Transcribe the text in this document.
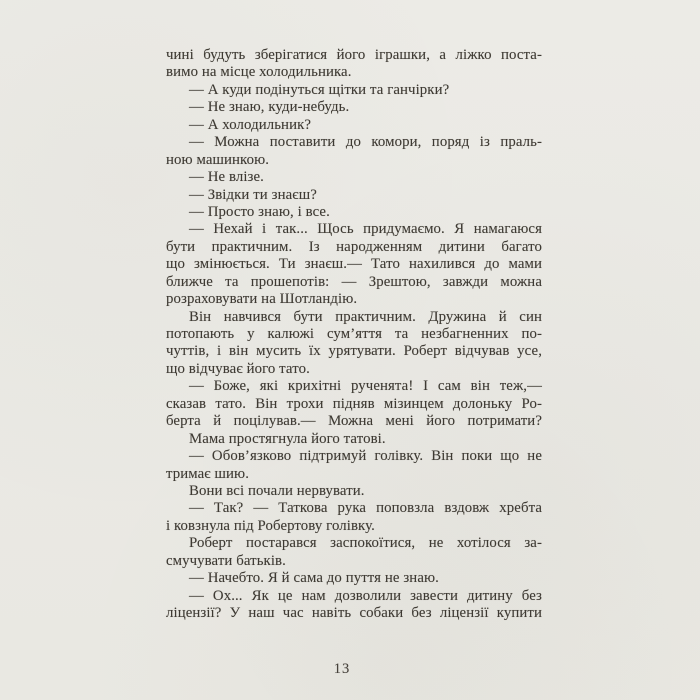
чині будуть зберігатися його іграшки, а ліжко поста-
вимо на місце холодильника.
— А куди подінуться щітки та ганчірки?
— Не знаю, куди-небудь.
— А холодильник?
— Можна поставити до комори, поряд із праль-
ною машинкою.
— Не влізе.
— Звідки ти знаєш?
— Просто знаю, і все.
— Нехай і так... Щось придумаємо. Я намагаюся
бути практичним. Із народженням дитини багато
що змінюється. Ти знаєш.— Тато нахилився до мами
ближче та прошепотів: — Зрештою, завжди можна
розраховувати на Шотландію.
Він навчився бути практичним. Дружина й син
потопають у калюжі сум’яття та незбагненних по-
чуттів, і він мусить їх урятувати. Роберт відчував усе,
що відчуває його тато.
— Боже, які крихітні рученята! І сам він теж,—
сказав тато. Він трохи підняв мізинцем долоньку Ро-
берта й поцілував.— Можна мені його потримати?
Мама простягнула його татові.
— Обов’язково підтримуй голівку. Він поки що не
тримає шию.
Вони всі почали нервувати.
— Так? — Таткова рука поповзла вздовж хребта
і ковзнула під Робертову голівку.
Роберт постарався заспокоїтися, не хотілося за-
смучувати батьків.
— Начебто. Я й сама до пуття не знаю.
— Ох... Як це нам дозволили завести дитину без
ліцензії? У наш час навіть собаки без ліцензії купити
13
